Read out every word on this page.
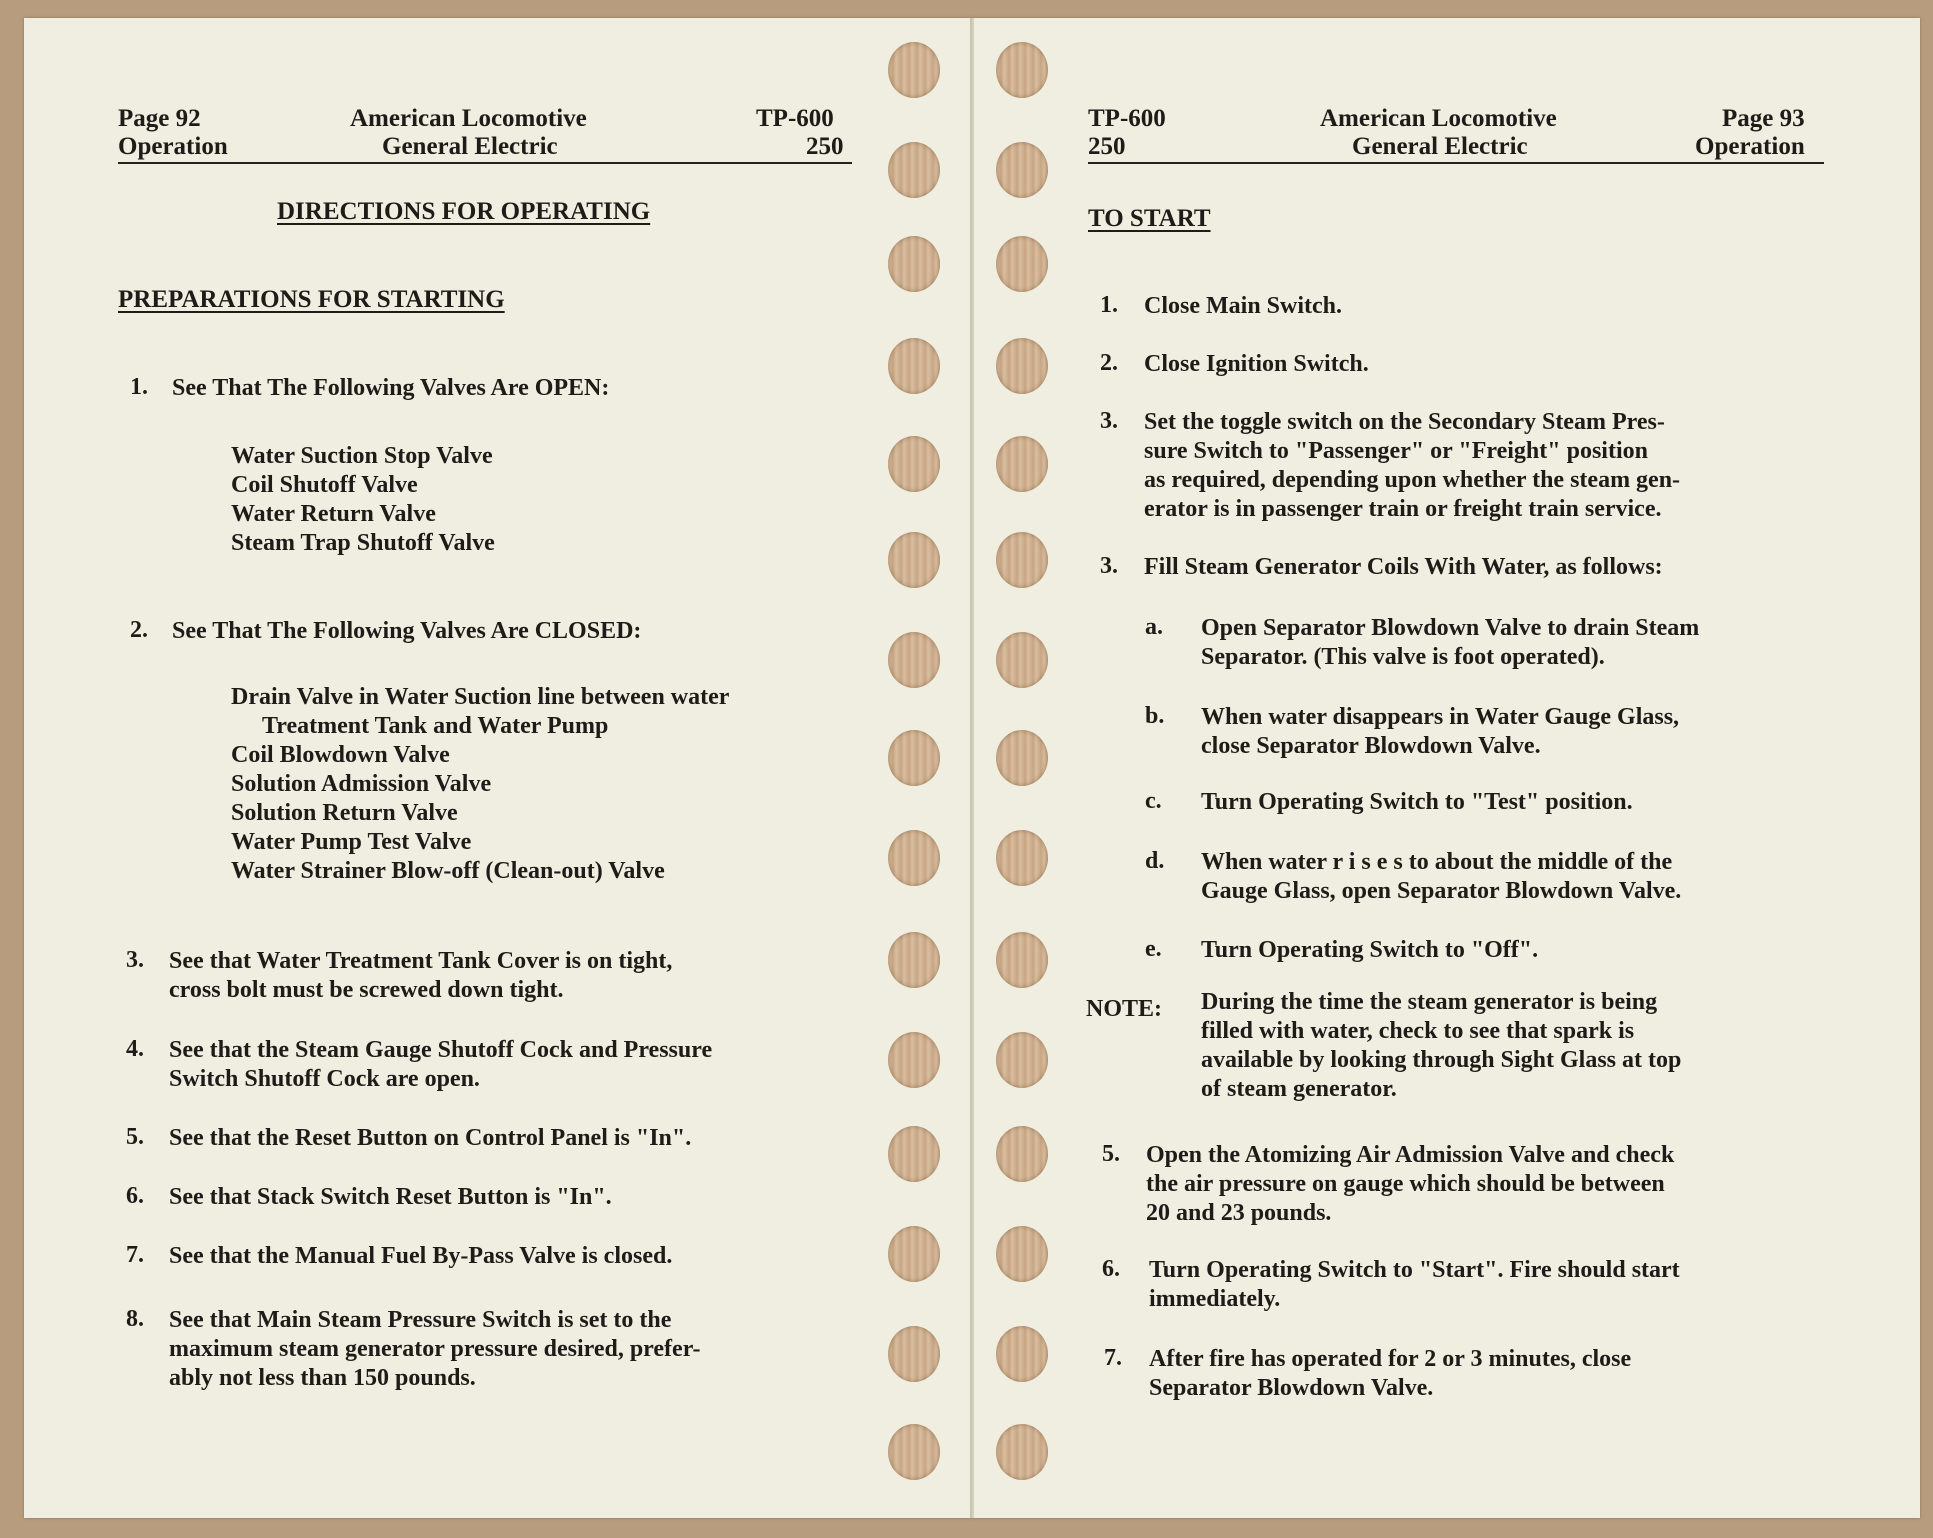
Page 92
Operation
American Locomotive
General Electric
TP-600
250
DIRECTIONS FOR OPERATING
PREPARATIONS FOR STARTING
1. See That The Following Valves Are OPEN:
Water Suction Stop Valve
Coil Shutoff Valve
Water Return Valve
Steam Trap Shutoff Valve
2. See That The Following Valves Are CLOSED:
Drain Valve in Water Suction line between water
Treatment Tank and Water Pump
Coil Blowdown Valve
Solution Admission Valve
Solution Return Valve
Water Pump Test Valve
Water Strainer Blow-off (Clean-out) Valve
3. See that Water Treatment Tank Cover is on tight,
cross bolt must be screwed down tight.
4. See that the Steam Gauge Shutoff Cock and Pressure
Switch Shutoff Cock are open.
5. See that the Reset Button on Control Panel is "In".
6. See that Stack Switch Reset Button is "In".
7. See that the Manual Fuel By-Pass Valve is closed.
8. See that Main Steam Pressure Switch is set to the
maximum steam generator pressure desired, prefer-
ably not less than 150 pounds.
TP-600
250
American Locomotive
General Electric
Page 93
Operation
TO START
1. Close Main Switch.
2. Close Ignition Switch.
3. Set the toggle switch on the Secondary Steam Pres-
sure Switch to "Passenger" or "Freight" position
as required, depending upon whether the steam gen-
erator is in passenger train or freight train service.
3. Fill Steam Generator Coils With Water, as follows:
a. Open Separator Blowdown Valve to drain Steam
Separator. (This valve is foot operated).
b. When water disappears in Water Gauge Glass,
close Separator Blowdown Valve.
c. Turn Operating Switch to "Test" position.
d. When water r i s e s to about the middle of the
Gauge Glass, open Separator Blowdown Valve.
e. Turn Operating Switch to "Off".
NOTE: During the time the steam generator is being
filled with water, check to see that spark is
available by looking through Sight Glass at top
of steam generator.
5. Open the Atomizing Air Admission Valve and check
the air pressure on gauge which should be between
20 and 23 pounds.
6. Turn Operating Switch to "Start". Fire should start
immediately.
7. After fire has operated for 2 or 3 minutes, close
Separator Blowdown Valve.
